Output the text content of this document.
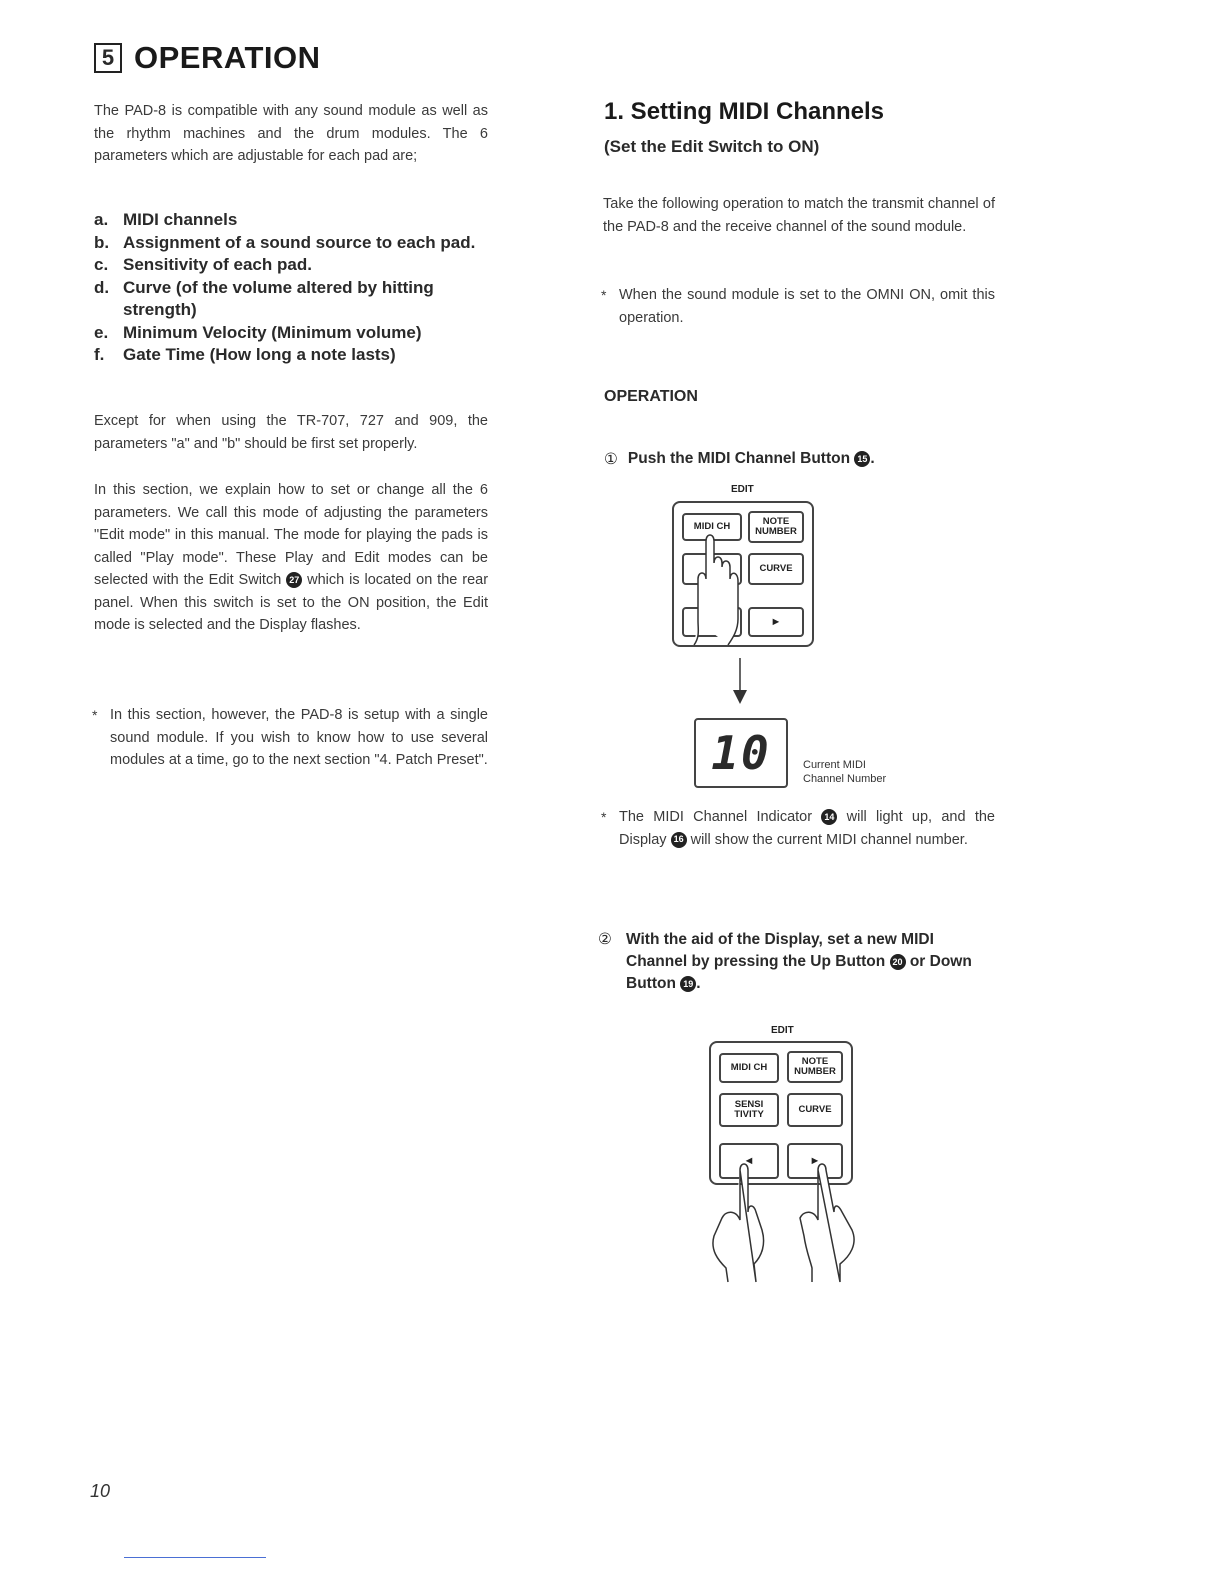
5 OPERATION
The PAD-8 is compatible with any sound module as well as the rhythm machines and the drum modules. The 6 parameters which are adjustable for each pad are;
a. MIDI channels
b. Assignment of a sound source to each pad.
c. Sensitivity of each pad.
d. Curve (of the volume altered by hitting strength)
e. Minimum Velocity (Minimum volume)
f.	Gate Time (How long a note lasts)
Except for when using the TR-707, 727 and 909, the parameters "a" and "b" should be first set properly.
In this section, we explain how to set or change all the 6 parameters. We call this mode of adjusting the parameters "Edit mode" in this manual. The mode for playing the pads is called "Play mode". These Play and Edit modes can be selected with the Edit Switch 27 which is located on the rear panel. When this switch is set to the ON position, the Edit mode is selected and the Display flashes.
* In this section, however, the PAD-8 is setup with a single sound module. If you wish to know how to use several modules at a time, go to the next section "4. Patch Preset".
1. Setting MIDI Channels
(Set the Edit Switch to ON)
Take the following operation to match the transmit channel of the PAD-8 and the receive channel of the sound module.
* When the sound module is set to the OMNI ON, omit this operation.
OPERATION
① Push the MIDI Channel Button 15 .
EDIT
MIDI CH	NOTE
NUMBER
CURVE
►
10	Current MIDI
Channel Number
* The MIDI Channel Indicator 14 will light up, and the Display 16 will show the current MIDI channel number.
② With the aid of the Display, set a new MIDI Channel by pressing the Up Button 20 or Down Button 19 .
EDIT
MIDI CH
NOTE
NUMBER
SENSI
TIVITY	CURVE
◄	►
10
